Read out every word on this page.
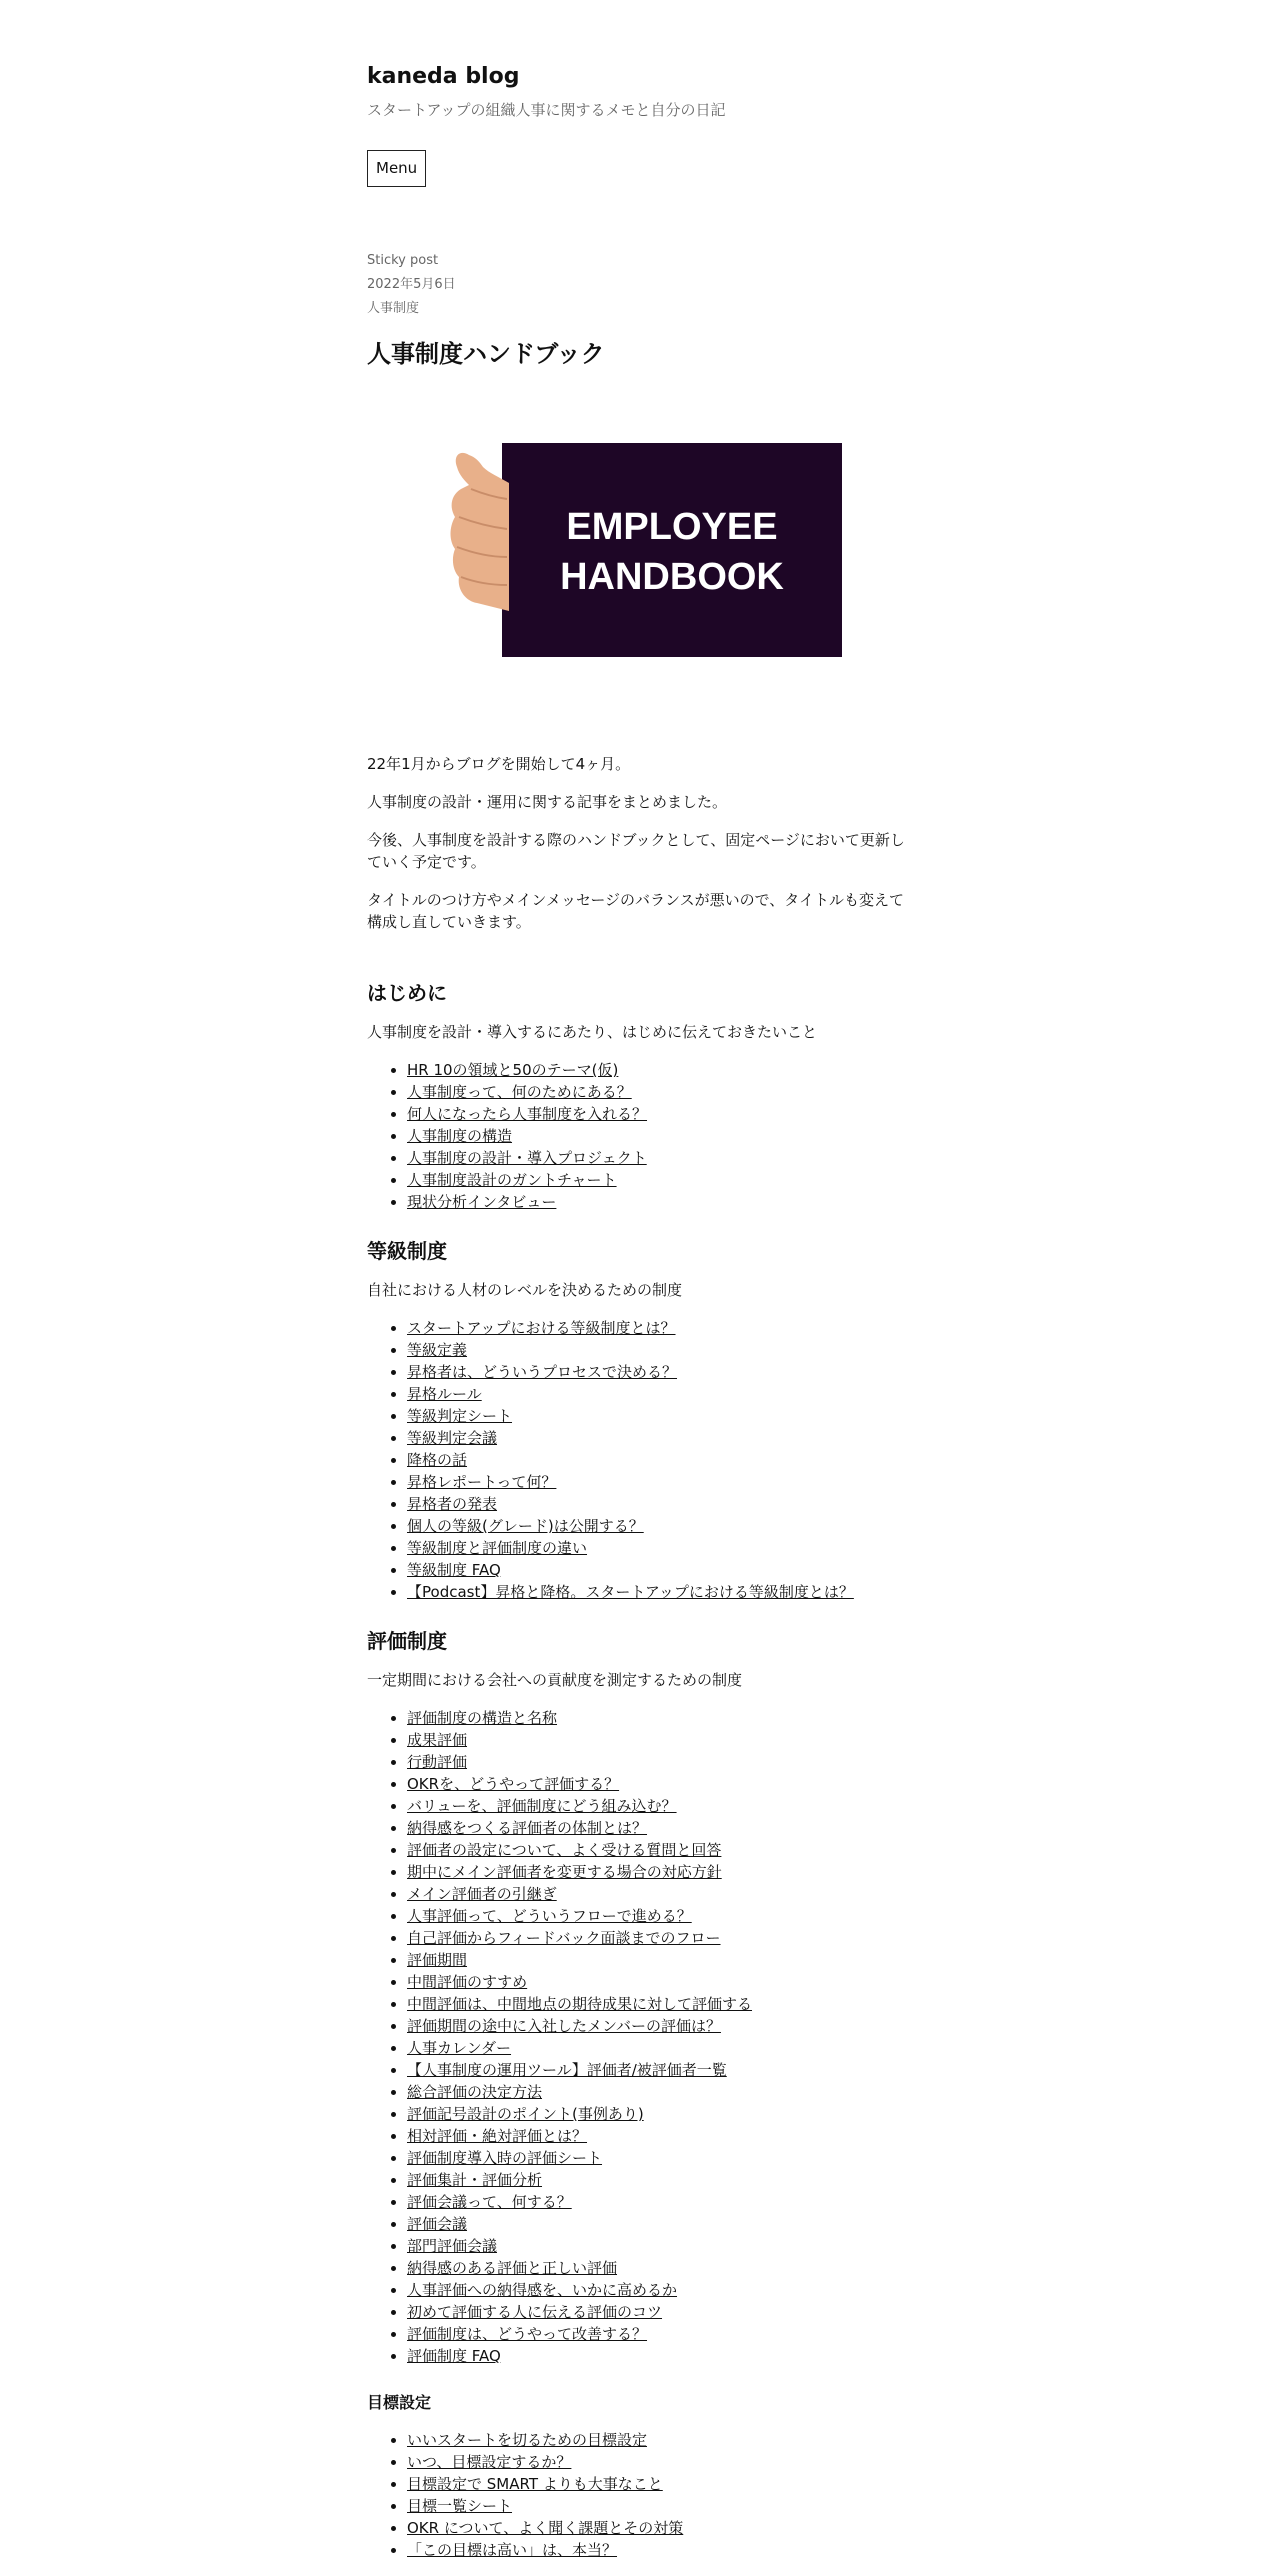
kaneda blog
スタートアップの組織人事に関するメモと自分の日記
Menu
Sticky post
2022年5月6日
人事制度
人事制度ハンドブック
EMPLOYEE
HANDBOOK

22年1月からブログを開始して4ヶ月。

人事制度の設計・運用に関する記事をまとめました。

今後、人事制度を設計する際のハンドブックとして、固定ページにおいて更新していく予定です。

タイトルのつけ方やメインメッセージのバランスが悪いので、タイトルも変えて構成し直していきます。

はじめに

人事制度を設計・導入するにあたり、はじめに伝えておきたいこと

• HR 10の領域と50のテーマ(仮)
• 人事制度って、何のためにある？
• 何人になったら人事制度を入れる？
• 人事制度の構造
• 人事制度の設計・導入プロジェクト
• 人事制度設計のガントチャート
• 現状分析インタビュー
等級制度

自社における人材のレベルを決めるための制度

• スタートアップにおける等級制度とは？
• 等級定義
• 昇格者は、どういうプロセスで決める？
• 昇格ルール
• 等級判定シート
• 等級判定会議
• 降格の話
• 昇格レポートって何？
• 昇格者の発表
• 個人の等級(グレード)は公開する？
• 等級制度と評価制度の違い
• 等級制度 FAQ
• 【Podcast】昇格と降格。スタートアップにおける等級制度とは？
評価制度

一定期間における会社への貢献度を測定するための制度

• 評価制度の構造と名称
• 成果評価
• 行動評価
• OKRを、どうやって評価する？
• バリューを、評価制度にどう組み込む？
• 納得感をつくる評価者の体制とは？
• 評価者の設定について、よく受ける質問と回答
• 期中にメイン評価者を変更する場合の対応方針
• メイン評価者の引継ぎ
• 人事評価って、どういうフローで進める？
• 自己評価からフィードバック面談までのフロー
• 評価期間
• 中間評価のすすめ
• 中間評価は、中間地点の期待成果に対して評価する
• 評価期間の途中に入社したメンバーの評価は？
• 人事カレンダー
• 【人事制度の運用ツール】評価者/被評価者一覧
• 総合評価の決定方法
• 評価記号設計のポイント(事例あり)
• 相対評価・絶対評価とは？
• 評価制度導入時の評価シート
• 評価集計・評価分析
• 評価会議って、何する？
• 評価会議
• 部門評価会議
• 納得感のある評価と正しい評価
• 人事評価への納得感を、いかに高めるか
• 初めて評価する人に伝える評価のコツ
• 評価制度は、どうやって改善する？
• 評価制度 FAQ
目標設定
• いいスタートを切るための目標設定
• いつ、目標設定するか？
• 目標設定で SMART よりも大事なこと
• 目標一覧シート
• OKR について、よく聞く課題とその対策
• 「この目標は高い」は、本当？
